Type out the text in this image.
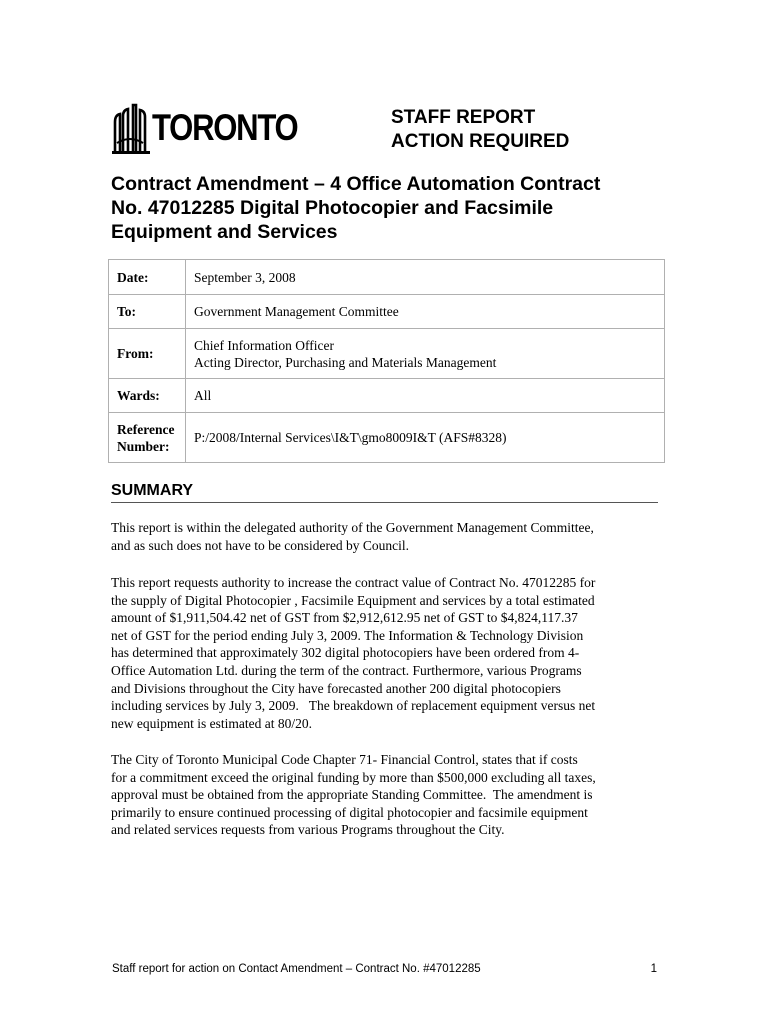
TORONTO	STAFF REPORT
ACTION REQUIRED
Contract Amendment – 4 Office Automation Contract
No. 47012285 Digital Photocopier and Facsimile
Equipment and Services
Date:	September 3, 2008
To:	Government Management Committee
From:	Chief Information Officer
Acting Director, Purchasing and Materials Management

Wards:	All

Reference
Number:	P:/2008/Internal Services\I&T\gmo8009I&T (AFS#8328)
SUMMARY
This report is within the delegated authority of the Government Management Committee,
and as such does not have to be considered by Council.
This report requests authority to increase the contract value of Contract No. 47012285 for
the supply of Digital Photocopier , Facsimile Equipment and services by a total estimated
amount of $1,911,504.42 net of GST from $2,912,612.95 net of GST to $4,824,117.37
net of GST for the period ending July 3, 2009. The Information & Technology Division
has determined that approximately 302 digital photocopiers have been ordered from 4-
Office Automation Ltd. during the term of the contract. Furthermore, various Programs
and Divisions throughout the City have forecasted another 200 digital photocopiers
including services by July 3, 2009.   The breakdown of replacement equipment versus net
new equipment is estimated at 80/20.
The City of Toronto Municipal Code Chapter 71- Financial Control, states that if costs
for a commitment exceed the original funding by more than $500,000 excluding all taxes,
approval must be obtained from the appropriate Standing Committee.  The amendment is
primarily to ensure continued processing of digital photocopier and facsimile equipment
and related services requests from various Programs throughout the City.
Staff report for action on Contact Amendment – Contract No. #47012285	1
